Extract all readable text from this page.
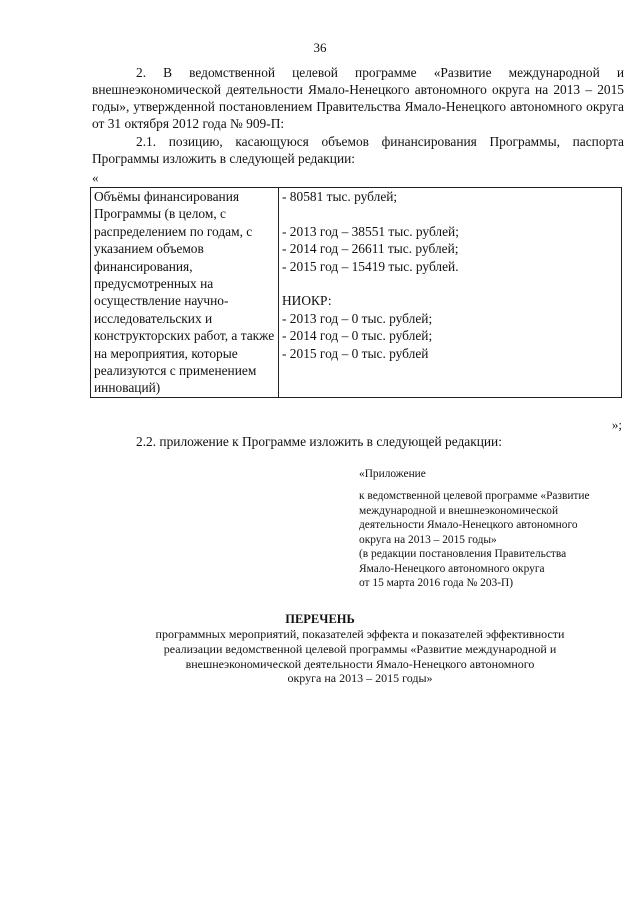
36
2. В ведомственной целевой программе «Развитие международной и внешнеэкономической деятельности Ямало-Ненецкого автономного округа на 2013 – 2015 годы», утвержденной постановлением Правительства Ямало-Ненецкого автономного округа от 31 октября 2012 года № 909-П:
2.1. позицию, касающуюся объемов финансирования Программы, паспорта Программы изложить в следующей редакции:
«
Объёмы финансирования Программы (в целом, с распределением по годам, с указанием объемов финансирования, предусмотренных на осуществление научно-исследовательских и конструкторских работ, а также на мероприятия, которые реализуются с применением инноваций)	
- 80581 тыс. рублей;
- 2013 год – 38551 тыс. рублей;
- 2014 год – 26611 тыс. рублей;
- 2015 год – 15419 тыс. рублей.
НИОКР:
- 2013 год – 0 тыс. рублей;
- 2014 год – 0 тыс. рублей;
- 2015 год – 0 тыс. рублей
»;
2.2. приложение к Программе изложить в следующей редакции:
«Приложение
к ведомственной целевой программе «Развитие
международной и внешнеэкономической
деятельности Ямало-Ненецкого автономного
округа на 2013 – 2015 годы»
(в редакции постановления Правительства
Ямало-Ненецкого автономного округа
от 15 марта 2016 года № 203-П)
ПЕРЕЧЕНЬ
программных мероприятий, показателей эффекта и показателей эффективности
реализации ведомственной целевой программы «Развитие международной и
внешнеэкономической деятельности Ямало-Ненецкого автономного
округа на 2013 – 2015 годы»
